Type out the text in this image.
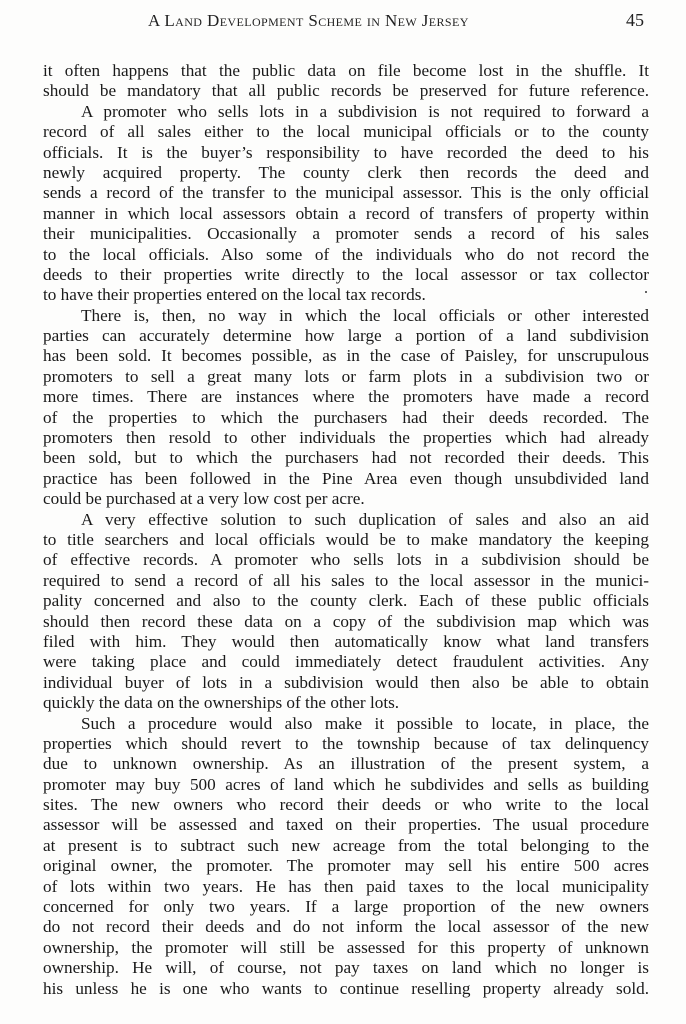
A Land Development Scheme in New Jersey	45
it often happens that the public data on file become lost in the shuffle. It
should be mandatory that all public records be preserved for future reference.
A promoter who sells lots in a subdivision is not required to forward a
record of all sales either to the local municipal officials or to the county
officials. It is the buyer’s responsibility to have recorded the deed to his
newly acquired property. The county clerk then records the deed and
sends a record of the transfer to the municipal assessor. This is the only official
manner in which local assessors obtain a record of transfers of property within
their municipalities. Occasionally a promoter sends a record of his sales
to the local officials. Also some of the individuals who do not record the
deeds to their properties write directly to the local assessor or tax collector
to have their properties entered on the local tax records.
There is, then, no way in which the local officials or other interested
parties can accurately determine how large a portion of a land subdivision
has been sold. It becomes possible, as in the case of Paisley, for unscrupulous
promoters to sell a great many lots or farm plots in a subdivision two or
more times. There are instances where the promoters have made a record
of the properties to which the purchasers had their deeds recorded. The
promoters then resold to other individuals the properties which had already
been sold, but to which the purchasers had not recorded their deeds. This
practice has been followed in the Pine Area even though unsubdivided land
could be purchased at a very low cost per acre.
A very effective solution to such duplication of sales and also an aid
to title searchers and local officials would be to make mandatory the keeping
of effective records. A promoter who sells lots in a subdivision should be
required to send a record of all his sales to the local assessor in the munici-
pality concerned and also to the county clerk. Each of these public officials
should then record these data on a copy of the subdivision map which was
filed with him. They would then automatically know what land transfers
were taking place and could immediately detect fraudulent activities. Any
individual buyer of lots in a subdivision would then also be able to obtain
quickly the data on the ownerships of the other lots.
Such a procedure would also make it possible to locate, in place, the
properties which should revert to the township because of tax delinquency
due to unknown ownership. As an illustration of the present system, a
promoter may buy 500 acres of land which he subdivides and sells as building
sites. The new owners who record their deeds or who write to the local
assessor will be assessed and taxed on their properties. The usual procedure
at present is to subtract such new acreage from the total belonging to the
original owner, the promoter. The promoter may sell his entire 500 acres
of lots within two years. He has then paid taxes to the local municipality
concerned for only two years. If a large proportion of the new owners
do not record their deeds and do not inform the local assessor of the new
ownership, the promoter will still be assessed for this property of unknown
ownership. He will, of course, not pay taxes on land which no longer is
his unless he is one who wants to continue reselling property already sold.
